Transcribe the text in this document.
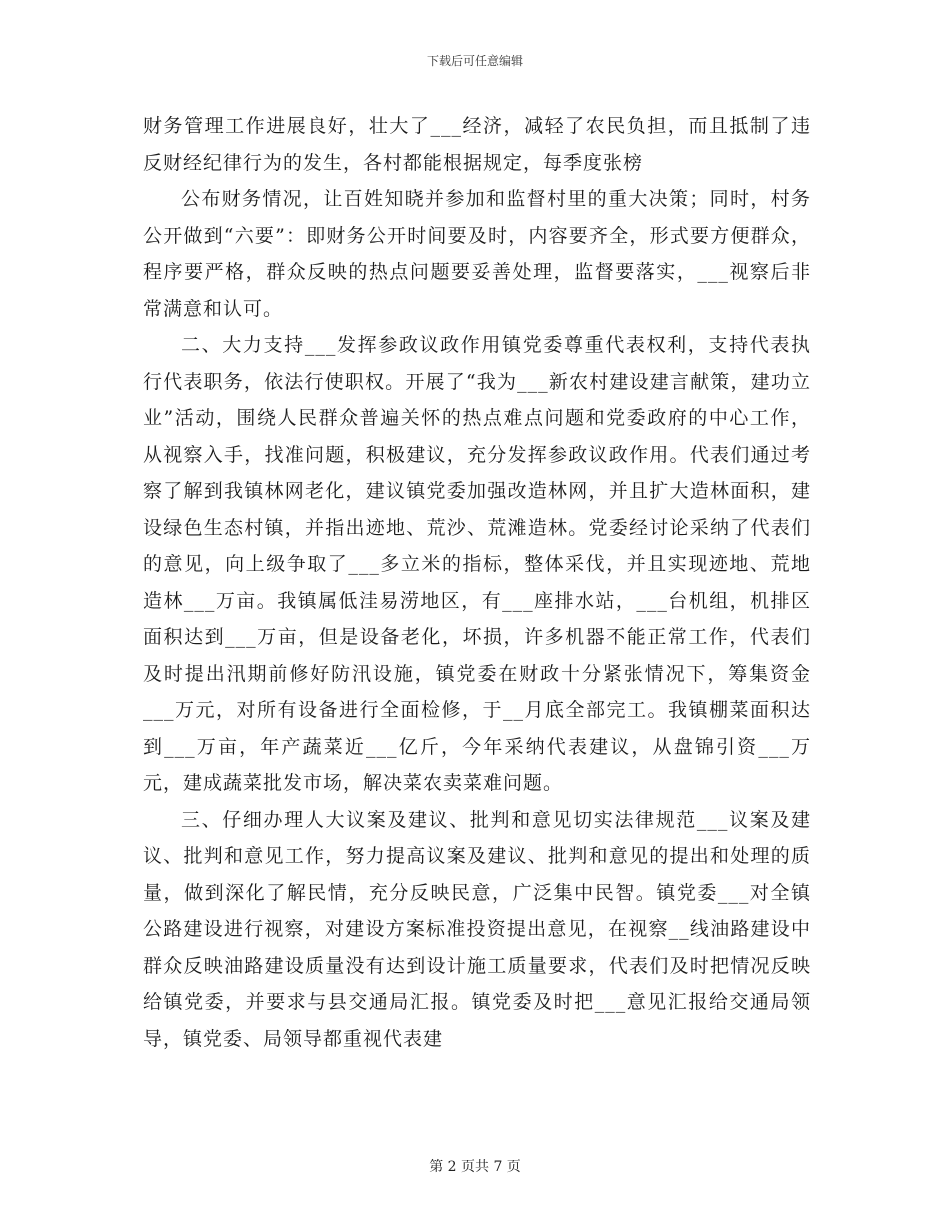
下载后可任意编辑

财务管理工作进展良好，壮大了___经济，减轻了农民负担，而且抵制了违反财经纪律行为的发生，各村都能根据规定，每季度张榜

公布财务情况，让百姓知晓并参加和监督村里的重大决策；同时，村务公开做到“六要”：即财务公开时间要及时，内容要齐全，形式要方便群众，程序要严格，群众反映的热点问题要妥善处理，监督要落实，___视察后非常满意和认可。

二、大力支持___发挥参政议政作用镇党委尊重代表权利，支持代表执行代表职务，依法行使职权。开展了“我为___新农村建设建言献策，建功立业”活动，围绕人民群众普遍关怀的热点难点问题和党委政府的中心工作，从视察入手，找准问题，积极建议，充分发挥参政议政作用。代表们通过考察了解到我镇林网老化，建议镇党委加强改造林网，并且扩大造林面积，建设绿色生态村镇，并指出迹地、荒沙、荒滩造林。党委经讨论采纳了代表们的意见，向上级争取了___多立米的指标，整体采伐，并且实现迹地、荒地造林___万亩。我镇属低洼易涝地区，有___座排水站，___台机组，机排区面积达到___万亩，但是设备老化，坏损，许多机器不能正常工作，代表们及时提出汛期前修好防汛设施，镇党委在财政十分紧张情况下，筹集资金___万元，对所有设备进行全面检修，于__月底全部完工。我镇棚菜面积达到___万亩，年产蔬菜近___亿斤，今年采纳代表建议，从盘锦引资___万元，建成蔬菜批发市场，解决菜农卖菜难问题。

三、仔细办理人大议案及建议、批判和意见切实法律规范___议案及建议、批判和意见工作，努力提高议案及建议、批判和意见的提出和处理的质量，做到深化了解民情，充分反映民意，广泛集中民智。镇党委___对全镇公路建设进行视察，对建设方案标准投资提出意见，在视察__线油路建设中群众反映油路建设质量没有达到设计施工质量要求，代表们及时把情况反映给镇党委，并要求与县交通局汇报。镇党委及时把___意见汇报给交通局领导，镇党委、局领导都重视代表建

第 2 页共 7 页
